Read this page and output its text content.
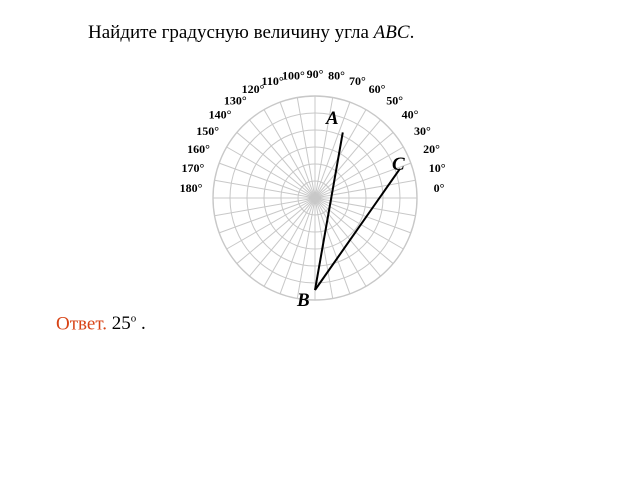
Найдите градусную величину угла ABC.
0°
10°
20°
30°
40°
50°
60°
70°
80°
90°
100°
110°
120°
130°
140°
150°
160°
170°
180°
A
C
B
Ответ. 25$^o$ .
